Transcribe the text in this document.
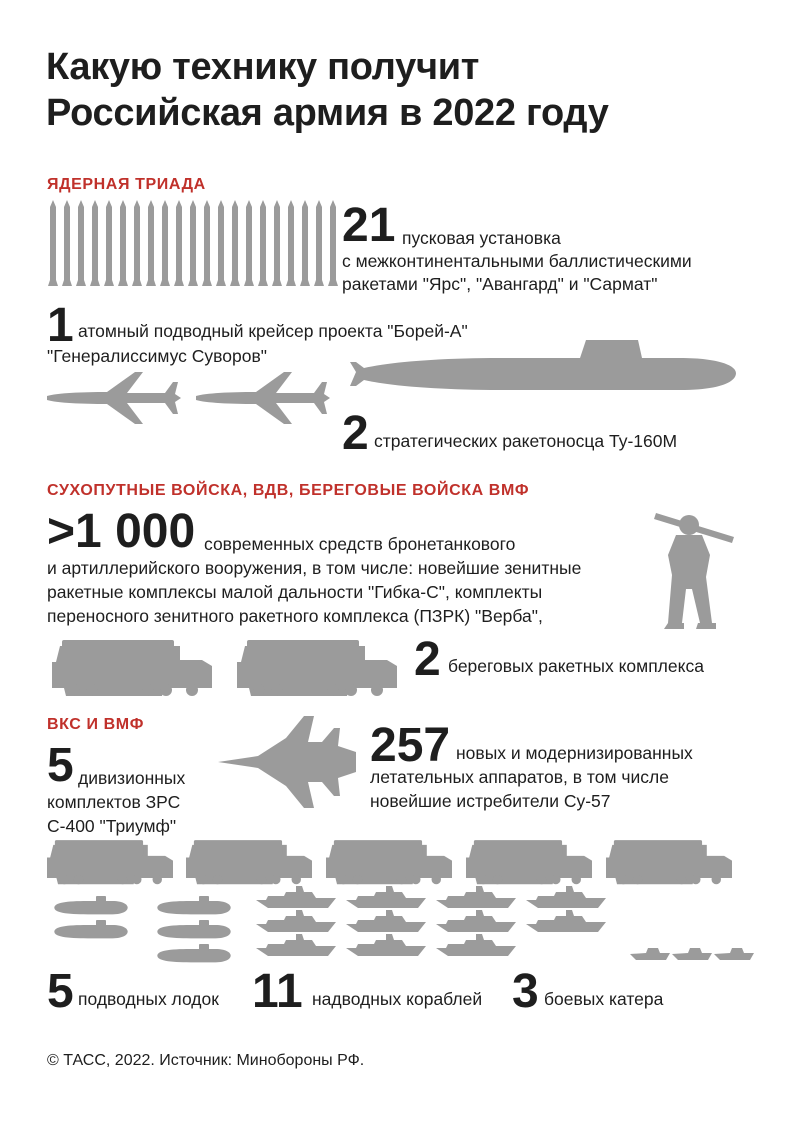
Какую технику получит
Российская армия в 2022 году
ЯДЕРНАЯ ТРИАДА
21 пусковая установка
с межконтинентальными баллистическими
ракетами "Ярс", "Авангард" и "Сармат"
1 атомный подводный крейсер проекта "Борей-А"
"Генералиссимус Суворов"
2 стратегических ракетоносца Ту-160М
СУХОПУТНЫЕ ВОЙСКА, ВДВ, БЕРЕГОВЫЕ ВОЙСКА ВМФ
>1 000 современных средств бронетанкового
и артиллерийского вооружения, в том числе: новейшие зенитные
ракетные комплексы малой дальности "Гибка-С", комплекты
переносного зенитного ракетного комплекса (ПЗРК) "Верба",
2 береговых ракетных комплекса
ВКС И ВМФ
5 дивизионных
комплектов ЗРС
С-400 "Триумф"
257 новых и модернизированных
летательных аппаратов, в том числе
новейшие истребители Су-57
5 подводных лодок 11 надводных кораблей 3 боевых катера
© ТАСС, 2022. Источник: Минобороны РФ.
